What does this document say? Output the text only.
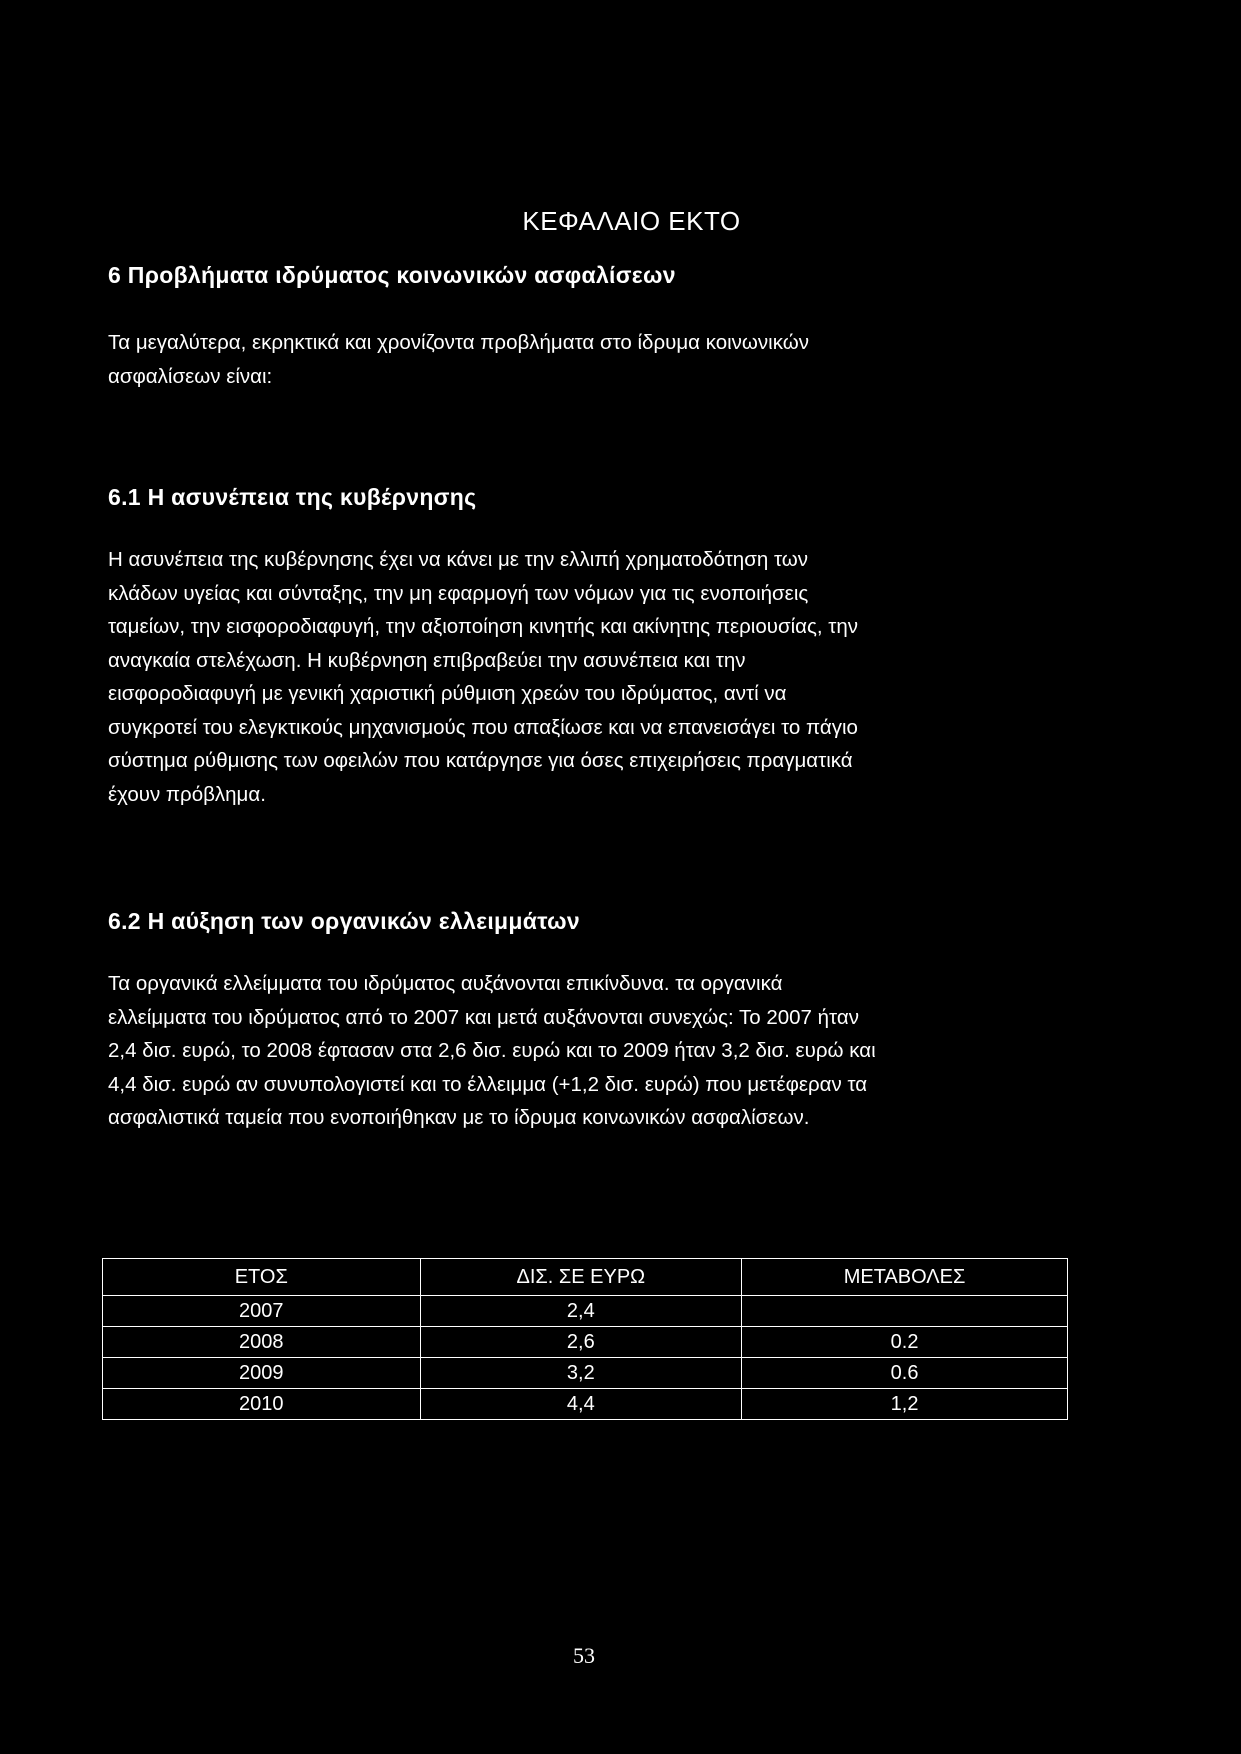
ΚΕΦΑΛΑΙΟ ΕΚΤΟ
6 Προβλήματα ιδρύματος κοινωνικών ασφαλίσεων

Τα μεγαλύτερα, εκρηκτικά και χρονίζοντα προβλήματα στο ίδρυμα κοινωνικών
ασφαλίσεων είναι:

6.1 Η ασυνέπεια της κυβέρνησης

Η ασυνέπεια της κυβέρνησης έχει να κάνει με την ελλιπή χρηματοδότηση των
κλάδων υγείας και σύνταξης, την μη εφαρμογή των νόμων για τις ενοποιήσεις
ταμείων, την εισφοροδιαφυγή, την αξιοποίηση κινητής και ακίνητης περιουσίας, την
αναγκαία στελέχωση. Η κυβέρνηση επιβραβεύει την ασυνέπεια και την
εισφοροδιαφυγή με γενική χαριστική ρύθμιση χρεών του ιδρύματος, αντί να
συγκροτεί του ελεγκτικούς μηχανισμούς που απαξίωσε και να επανεισάγει το πάγιο
σύστημα ρύθμισης των οφειλών που κατάργησε για όσες επιχειρήσεις πραγματικά
έχουν πρόβλημα.

6.2 Η αύξηση των οργανικών ελλειμμάτων

Τα οργανικά ελλείμματα του ιδρύματος αυξάνονται επικίνδυνα. τα οργανικά
ελλείμματα του ιδρύματος από το 2007 και μετά αυξάνονται συνεχώς: Το 2007 ήταν
2,4 δισ. ευρώ, το 2008 έφτασαν στα 2,6 δισ. ευρώ και το 2009 ήταν 3,2 δισ. ευρώ και
4,4 δισ. ευρώ αν συνυπολογιστεί και το έλλειμμα (+1,2 δισ. ευρώ) που μετέφεραν τα
ασφαλιστικά ταμεία που ενοποιήθηκαν με το ίδρυμα κοινωνικών ασφαλίσεων.

ΕΤΟΣ	ΔΙΣ. ΣΕ ΕΥΡΩ	ΜΕΤΑΒΟΛΕΣ
2007	2,4	
2008	2,6	0.2
2009	3,2	0.6
2010	4,4	1,2
53
